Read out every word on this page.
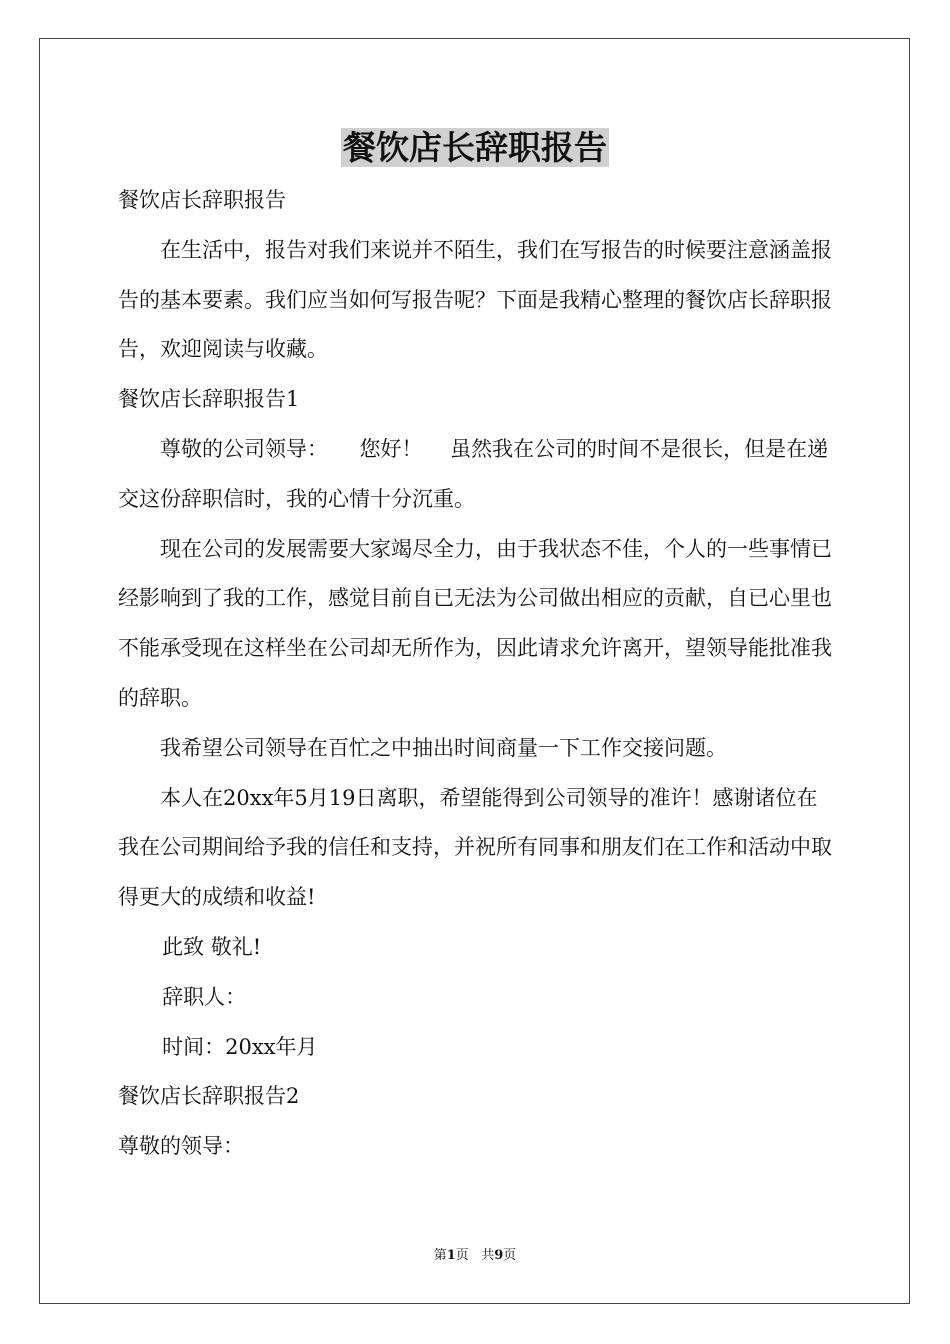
餐饮店长辞职报告

餐饮店长辞职报告

在生活中，报告对我们来说并不陌生，我们在写报告的时候要注意涵盖报告的基本要素。我们应当如何写报告呢？下面是我精心整理的餐饮店长辞职报告，欢迎阅读与收藏。

餐饮店长辞职报告1

尊敬的公司领导：　　您好！　 虽然我在公司的时间不是很长，但是在递交这份辞职信时，我的心情十分沉重。

现在公司的发展需要大家竭尽全力，由于我状态不佳，个人的一些事情已经影响到了我的工作，感觉目前自已无法为公司做出相应的贡献，自已心里也不能承受现在这样坐在公司却无所作为，因此请求允许离开，望领导能批准我的辞职。

我希望公司领导在百忙之中抽出时间商量一下工作交接问题。

本人在20xx年5月19日离职，希望能得到公司领导的准许！感谢诸位在我在公司期间给予我的信任和支持，并祝所有同事和朋友们在工作和活动中取得更大的成绩和收益!

此致 敬礼!

辞职人：

时间：20xx年月

餐饮店长辞职报告2

尊敬的领导：

第1页 共9页
